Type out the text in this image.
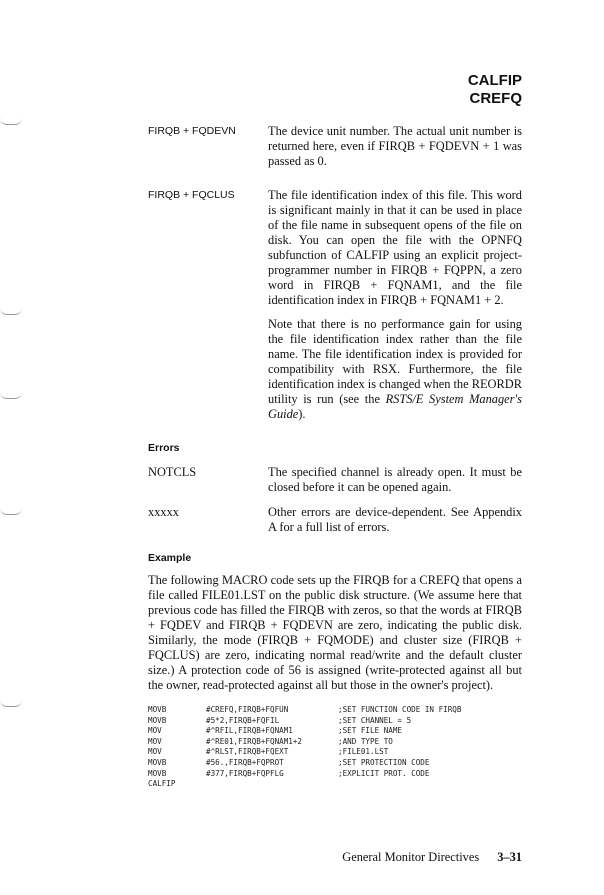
CALFIP
CREFQ
FIRQB + FQDEVN	The device unit number. The actual unit number is returned here, even if FIRQB + FQDEVN + 1 was passed as 0.

FIRQB + FQCLUS	The file identification index of this file. This word is significant mainly in that it can be used in place of the file name in subsequent opens of the file on disk. You can open the file with the OPNFQ subfunction of CALFIP using an explicit project-programmer number in FIRQB + FQPPN, a zero word in FIRQB + FQNAM1, and the file identification index in FIRQB + FQNAM1 + 2.

Note that there is no performance gain for using the file identification index rather than the file name. The file identification index is provided for compatibility with RSX. Furthermore, the file identification index is changed when the REORDR utility is run (see the RSTS/E System Manager's Guide).

Errors
NOTCLS	The specified channel is already open. It must be closed before it can be opened again.
xxxxx	Other errors are device-dependent. See Appendix A for a full list of errors.
Example
The following MACRO code sets up the FIRQB for a CREFQ that opens a file called FILE01.LST on the public disk structure. (We assume here that previous code has filled the FIRQB with zeros, so that the words at FIRQB + FQDEV and FIRQB + FQDEVN are zero, indicating the public disk. Similarly, the mode (FIRQB + FQMODE) and cluster size (FIRQB + FQCLUS) are zero, indicating normal read/write and the default cluster size.) A protection code of 56 is assigned (write-protected against all but the owner, read-protected against all but those in the owner's project).
MOVB	#CREFQ,FIRQB+FQFUN	;SET FUNCTION CODE IN FIRQB
MOVB	#5*2,FIRQB+FQFIL	;SET CHANNEL = 5
MOV	#^RFIL,FIRQB+FQNAM1	;SET FILE NAME
MOV	#^RE01,FIRQB+FQNAM1+2	;AND TYPE TO
MOV	#^RLST,FIRQB+FQEXT	;FILE01.LST
MOVB	#56.,FIRQB+FQPROT	;SET PROTECTION CODE
MOVB	#377,FIRQB+FQPFLG	;EXPLICIT PROT. CODE
CALFIP
General Monitor Directives 3–31
